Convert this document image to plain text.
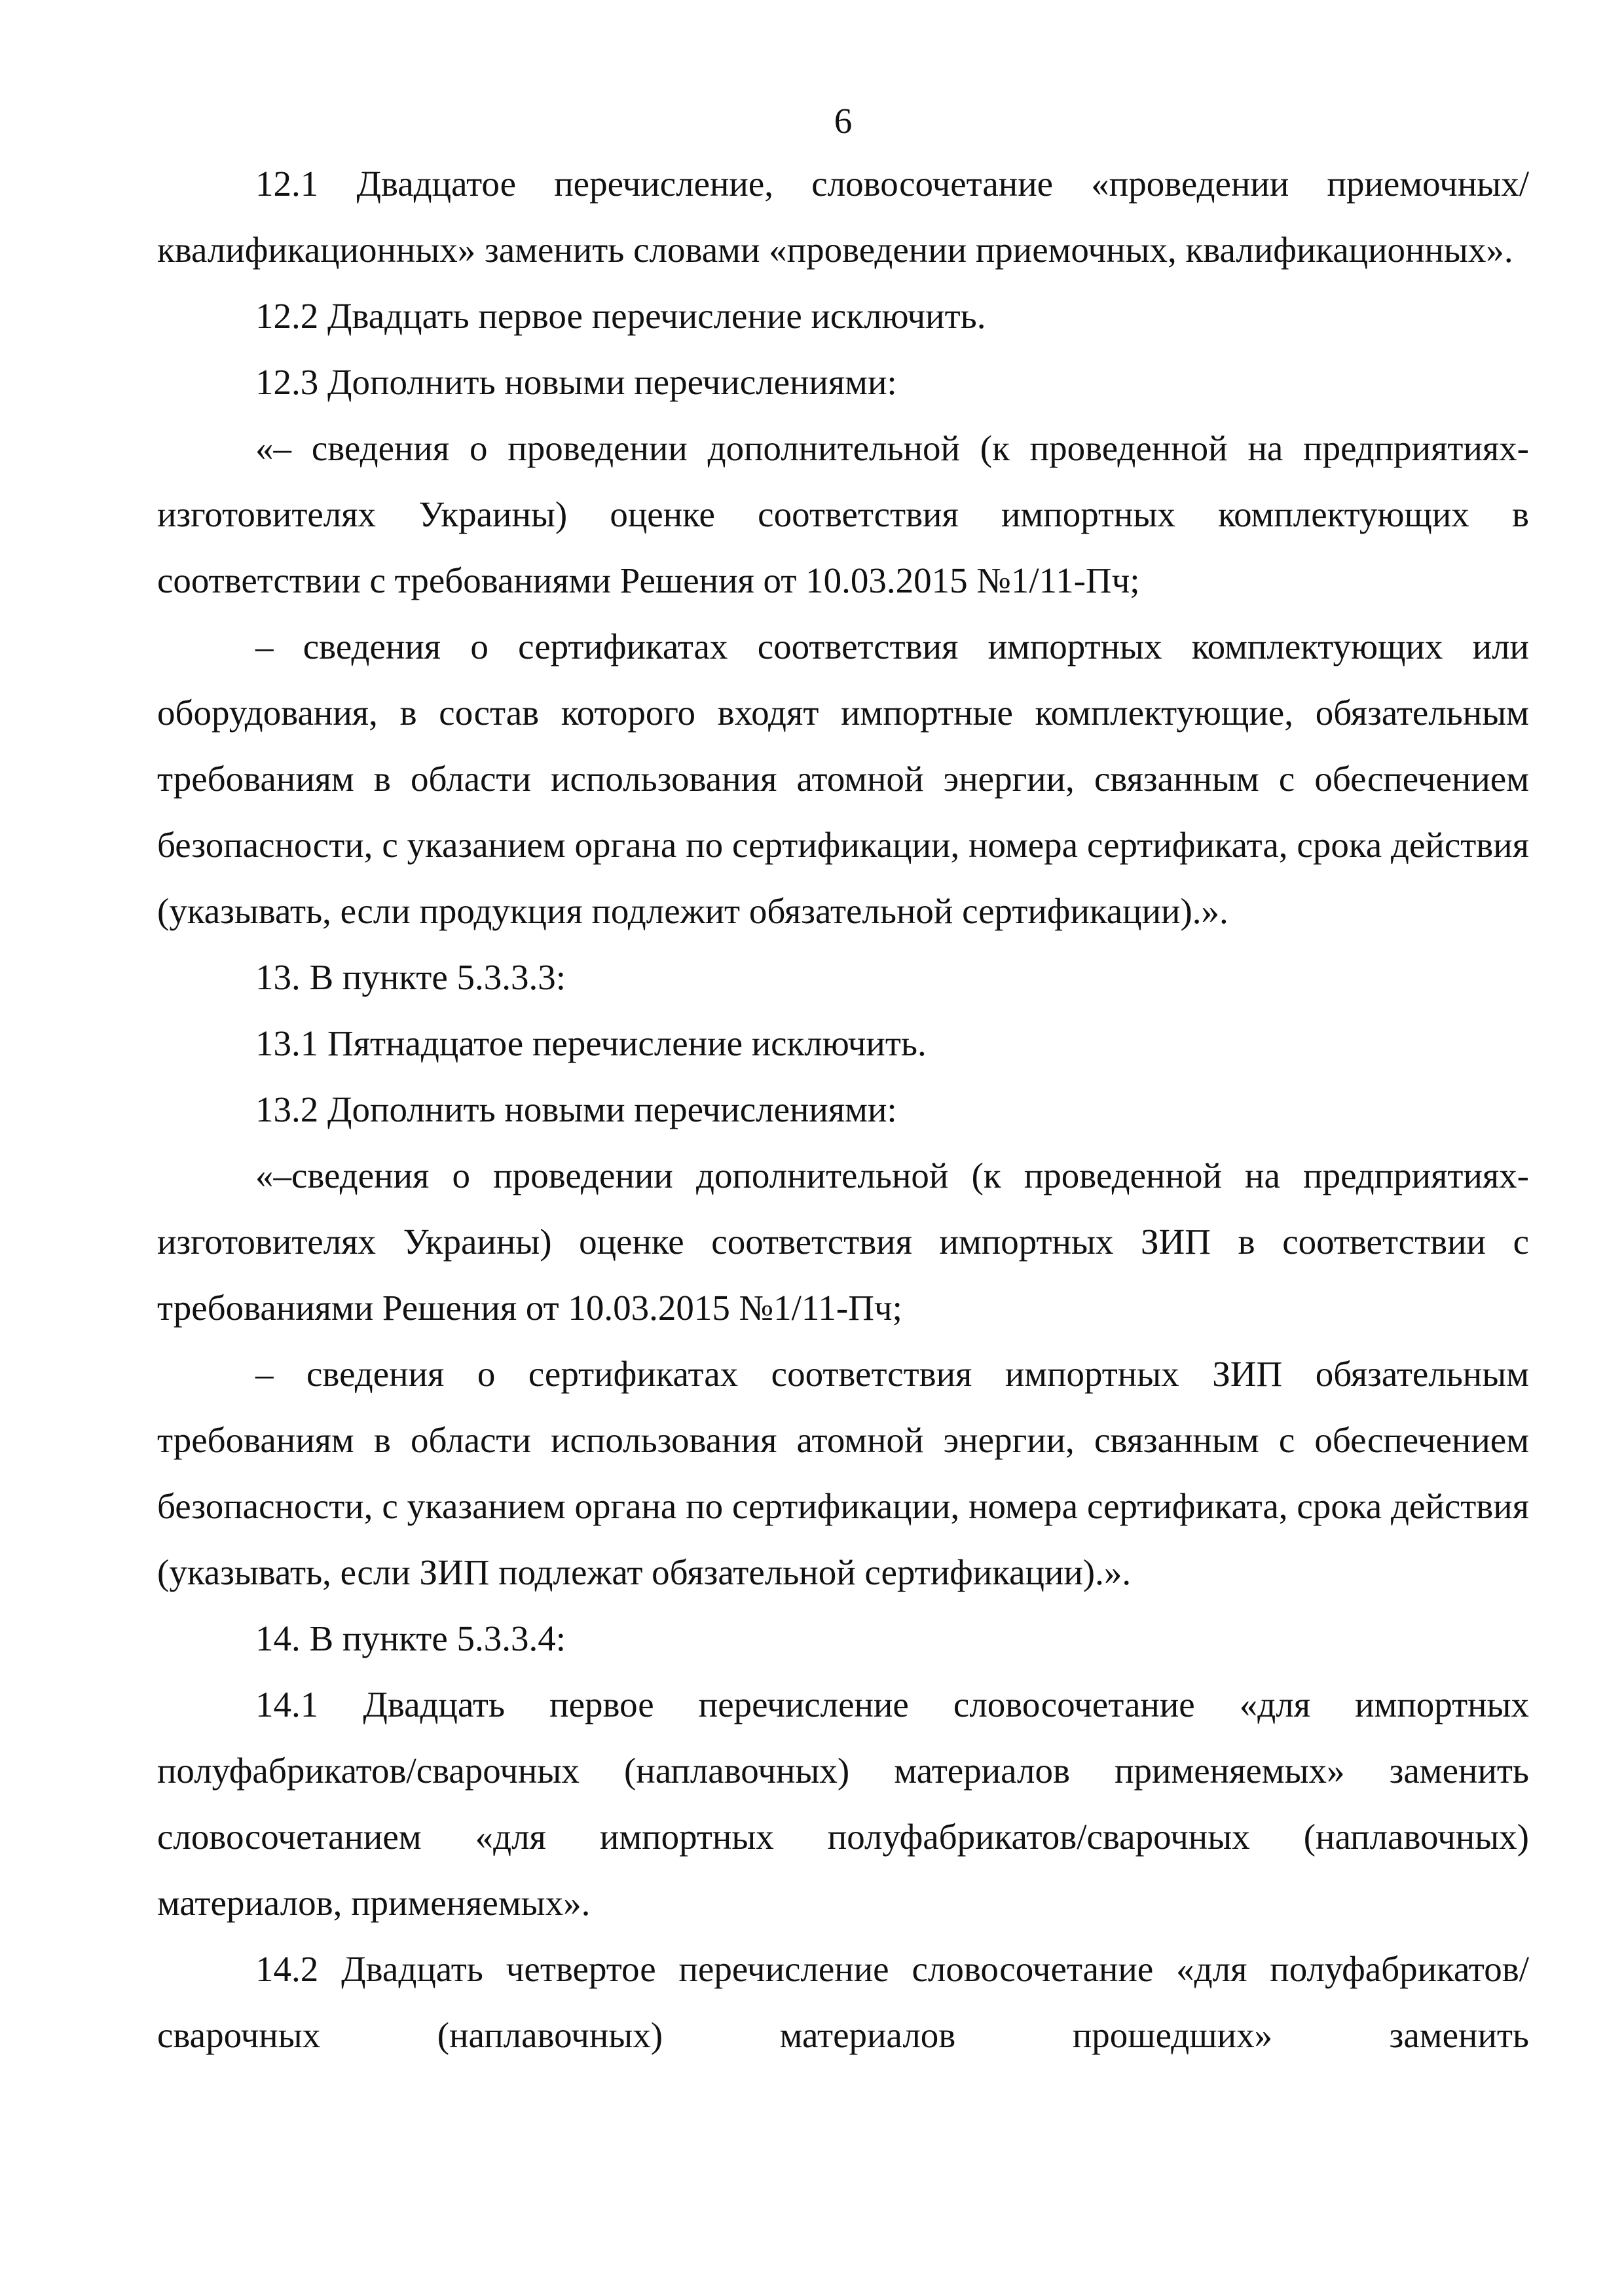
6

12.1 Двадцатое перечисление, словосочетание «проведении приемочных/квалификационных» заменить словами «проведении приемочных, квалификационных».

12.2 Двадцать первое перечисление исключить.

12.3 Дополнить новыми перечислениями:

«– сведения о проведении дополнительной (к проведенной на предприятиях-изготовителях Украины) оценке соответствия импортных комплектующих в соответствии с требованиями Решения от 10.03.2015 №1/11-Пч;

– сведения о сертификатах соответствия импортных комплектующих или оборудования, в состав которого входят импортные комплектующие, обязательным требованиям в области использования атомной энергии, связанным с обеспечением безопасности, с указанием органа по сертификации, номера сертификата, срока действия (указывать, если продукция подлежит обязательной сертификации).».

13. В пункте 5.3.3.3:

13.1 Пятнадцатое перечисление исключить.

13.2 Дополнить новыми перечислениями:

«–сведения о проведении дополнительной (к проведенной на предприятиях-изготовителях Украины) оценке соответствия импортных ЗИП в соответствии с требованиями Решения от 10.03.2015 №1/11-Пч;

– сведения о сертификатах соответствия импортных ЗИП обязательным требованиям в области использования атомной энергии, связанным с обеспечением безопасности, с указанием органа по сертификации, номера сертификата, срока действия (указывать, если ЗИП подлежат обязательной сертификации).».

14. В пункте 5.3.3.4:

14.1 Двадцать первое перечисление словосочетание «для импортных полуфабрикатов/сварочных (наплавочных) материалов применяемых» заменить словосочетанием «для импортных полуфабрикатов/сварочных (наплавочных) материалов, применяемых».

14.2 Двадцать четвертое перечисление словосочетание «для полуфабрикатов/сварочных (наплавочных) материалов прошедших» заменить
